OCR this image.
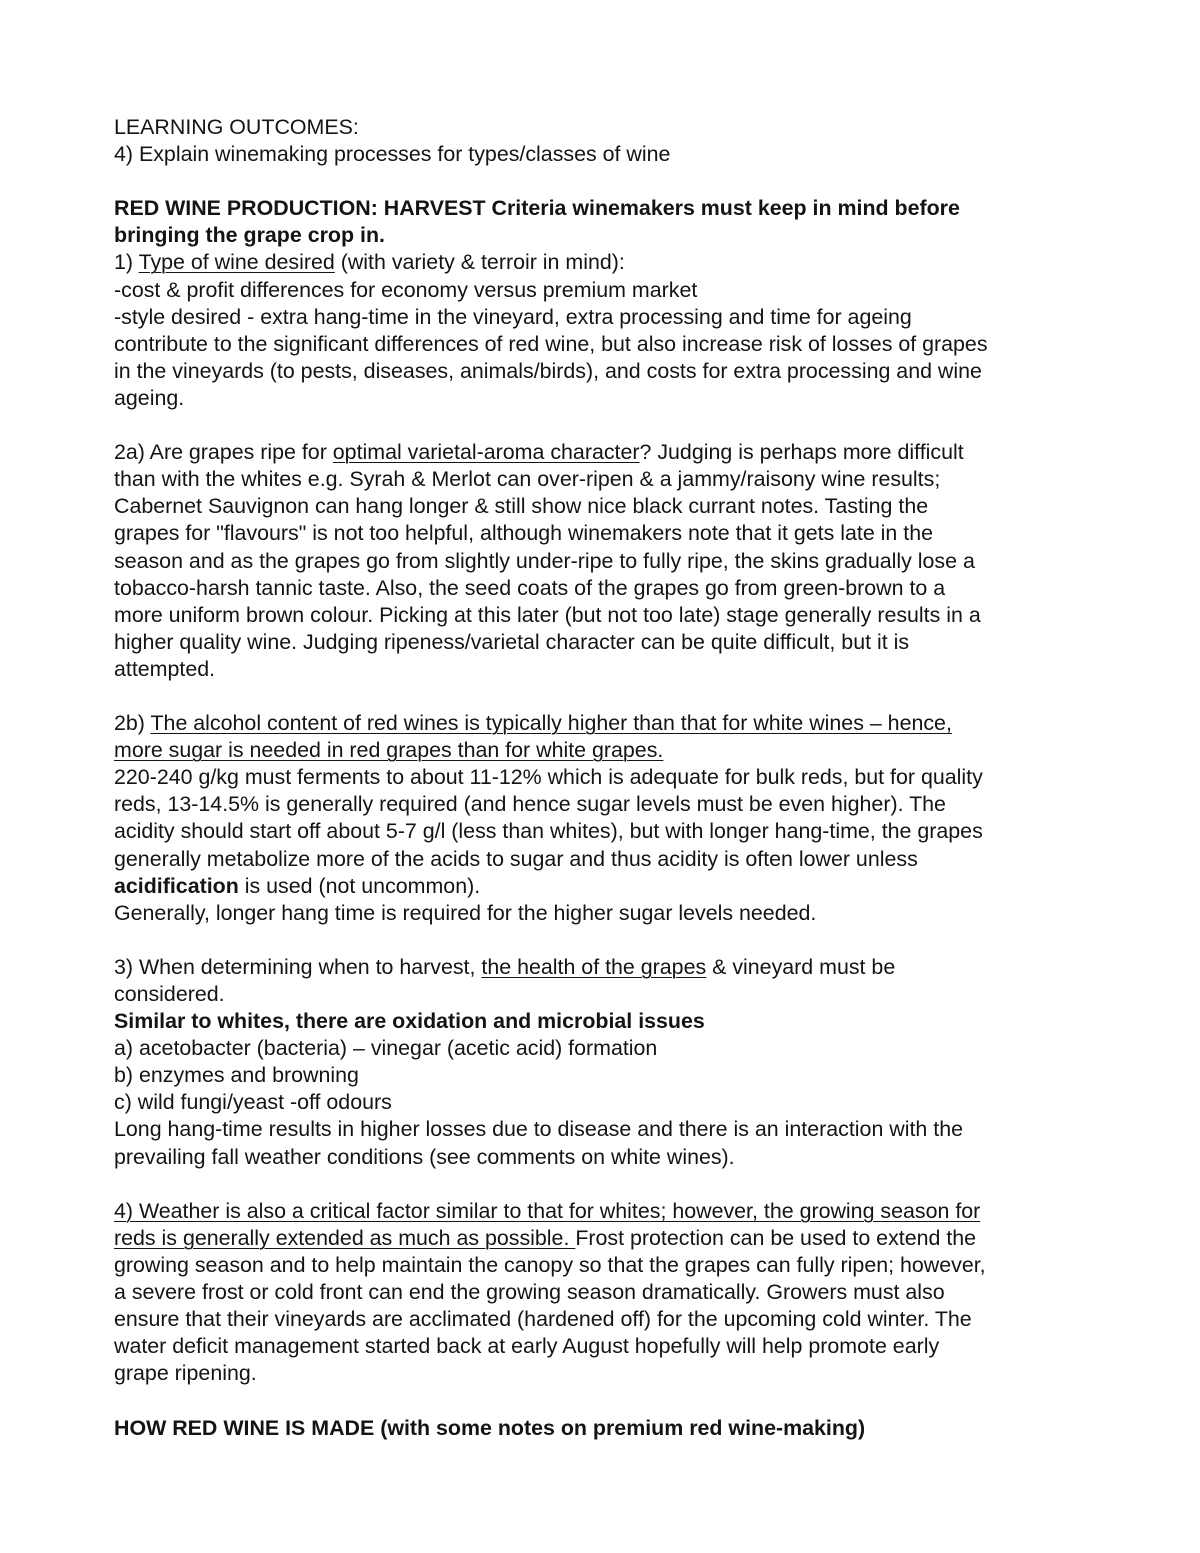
LEARNING OUTCOMES:
4) Explain winemaking processes for types/classes of wine
RED WINE PRODUCTION: HARVEST Criteria winemakers must keep in mind before
bringing the grape crop in.
1) Type of wine desired (with variety & terroir in mind):
-cost & profit differences for economy versus premium market
-style desired - extra hang-time in the vineyard, extra processing and time for ageing
contribute to the significant differences of red wine, but also increase risk of losses of grapes
in the vineyards (to pests, diseases, animals/birds), and costs for extra processing and wine
ageing.
2a) Are grapes ripe for optimal varietal-aroma character? Judging is perhaps more difficult
than with the whites e.g. Syrah & Merlot can over-ripen & a jammy/raisony wine results;
Cabernet Sauvignon can hang longer & still show nice black currant notes. Tasting the
grapes for "flavours" is not too helpful, although winemakers note that it gets late in the
season and as the grapes go from slightly under-ripe to fully ripe, the skins gradually lose a
tobacco-harsh tannic taste. Also, the seed coats of the grapes go from green-brown to a
more uniform brown colour. Picking at this later (but not too late) stage generally results in a
higher quality wine. Judging ripeness/varietal character can be quite difficult, but it is
attempted.
2b) The alcohol content of red wines is typically higher than that for white wines – hence,
more sugar is needed in red grapes than for white grapes.
220-240 g/kg must ferments to about 11-12% which is adequate for bulk reds, but for quality
reds, 13-14.5% is generally required (and hence sugar levels must be even higher). The
acidity should start off about 5-7 g/l (less than whites), but with longer hang-time, the grapes
generally metabolize more of the acids to sugar and thus acidity is often lower unless
acidification is used (not uncommon).
Generally, longer hang time is required for the higher sugar levels needed.
3) When determining when to harvest, the health of the grapes & vineyard must be
considered.
Similar to whites, there are oxidation and microbial issues
a) acetobacter (bacteria) – vinegar (acetic acid) formation
b) enzymes and browning
c) wild fungi/yeast -off odours
Long hang-time results in higher losses due to disease and there is an interaction with the
prevailing fall weather conditions (see comments on white wines).
4) Weather is also a critical factor similar to that for whites; however, the growing season for
reds is generally extended as much as possible. Frost protection can be used to extend the
growing season and to help maintain the canopy so that the grapes can fully ripen; however,
a severe frost or cold front can end the growing season dramatically. Growers must also
ensure that their vineyards are acclimated (hardened off) for the upcoming cold winter. The
water deficit management started back at early August hopefully will help promote early
grape ripening.
HOW RED WINE IS MADE (with some notes on premium red wine-making)
